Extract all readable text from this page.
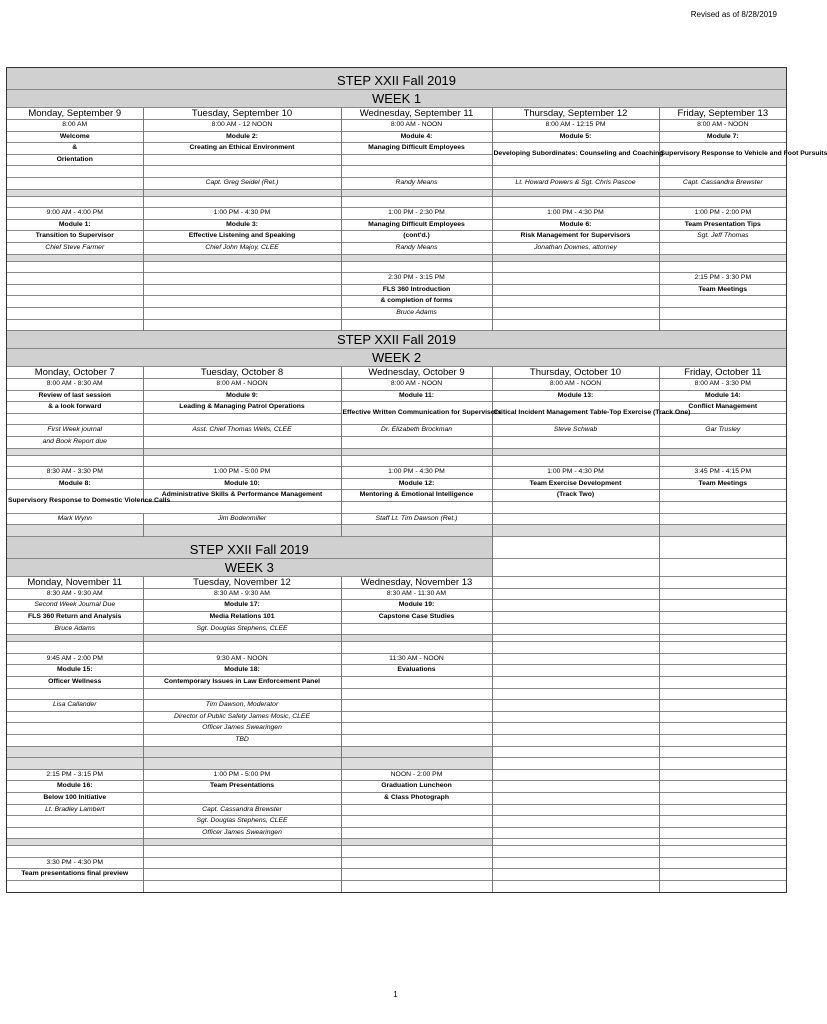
Revised as of 8/28/2019
STEP XXII Fall 2019				
WEEK 1				
Monday, September 9	Tuesday, September 10	Wednesday, September 11	Thursday, September 12	Friday, September 13
8:00 AM	8:00 AM - 12 NOON	8:00 AM - NOON	8:00 AM - 12:15 PM	8:00 AM - NOON
Welcome	Module 2:	Module 4:	Module 5:	Module 7:
&	Creating an Ethical Environment	Managing Difficult Employees	Developing Subordinates: Counseling and Coaching	Supervisory Response to Vehicle and Foot Pursuits
Orientation				

	Capt. Greg Seidel (Ret.)	Randy Means	Lt. Howard Powers & Sgt. Chris Pascoe	Capt. Cassandra Brewster

9:00 AM - 4:00 PM	1:00 PM - 4:30 PM	1:00 PM - 2:30 PM	1:00 PM - 4:30 PM	1:00 PM - 2:00 PM
Module 1:	Module 3:	Managing Difficult Employees	Module 6:	Team Presentation Tips
Transition to Supervisor	Effective Listening and Speaking	(cont'd.)	Risk Management for Supervisors	Sgt. Jeff Thomas
Chief Steve Farmer	Chief John Majoy, CLEE	Randy Means	Jonathan Downes, attorney	

		2:30 PM - 3:15 PM		2:15 PM - 3:30 PM
		FLS 360 Introduction		Team Meetings
		& completion of forms		
		Bruce Adams		

STEP XXII Fall 2019				
WEEK 2				
Monday, October 7	Tuesday, October 8	Wednesday, October 9	Thursday, October 10	Friday, October 11
8:00 AM - 8:30 AM	8:00 AM - NOON	8:00 AM - NOON	8:00 AM - NOON	8:00 AM - 3:30 PM
Review of last session	Module 9:	Module 11:	Module 13:	Module 14:
& a look forward	Leading & Managing Patrol Operations	Effective Written Communication for Supervisors	Critical Incident Management Table-Top Exercise (Track One)	Conflict Management

First Week journal	Asst. Chief Thomas Wells, CLEE	Dr. Elizabeth Brockman	Steve Schwab	Gar Trusley
and Book Report due				

8:30 AM - 3:30 PM	1:00 PM - 5:00 PM	1:00 PM - 4:30 PM	1:00 PM - 4:30 PM	3:45 PM - 4:15 PM
Module 8:	Module 10:	Module 12:	Team Exercise Development	Team Meetings
Supervisory Response to Domestic Violence Calls	Administrative Skills & Performance Management	Mentoring & Emotional Intelligence	(Track Two)	

Mark Wynn	Jim Bodenmiller	Staff Lt. Tim Dawson (Ret.)		

STEP XXII Fall 2019				
WEEK 3				
Monday, November 11	Tuesday, November 12	Wednesday, November 13		
8:30 AM - 9:30 AM	8:30 AM - 9:30 AM	8:30 AM - 11:30 AM		
Second Week Journal Due	Module 17:	Module 19:		
FLS 360 Return and Analysis	Media Relations 101	Capstone Case Studies		
Bruce Adams	Sgt. Douglas Stephens, CLEE			

9:45 AM - 2:00 PM	9:30 AM - NOON	11:30 AM - NOON		
Module 15:	Module 18:	Evaluations		
Officer Wellness	Contemporary Issues in Law Enforcement Panel			

Lisa Callander	Tim Dawson, Moderator			
	Director of Public Safety James Mosic, CLEE			
	Officer James Swearingen			
	TBD			

2:15 PM - 3:15 PM	1:00 PM - 5:00 PM	NOON - 2:00 PM		
Module 16:	Team Presentations	Graduation Luncheon		
Below 100 Initiative		& Class Photograph		
Lt. Bradley Lambert	Capt. Cassandra Brewster			
	Sgt. Douglas Stephens, CLEE			
	Officer James Swearingen			

3:30 PM - 4:30 PM				
Team presentations final preview				

1
